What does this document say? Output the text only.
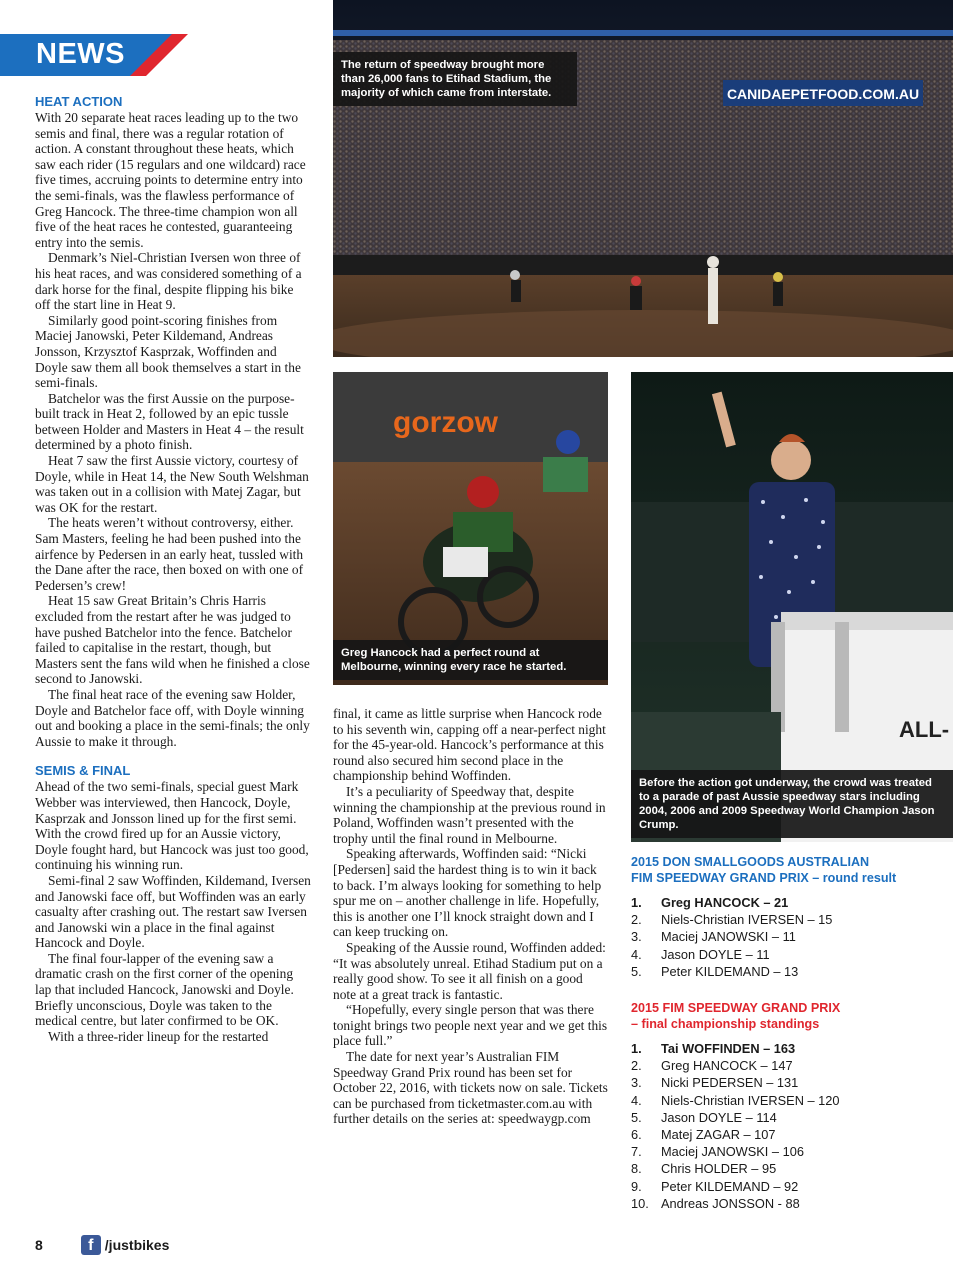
NEWS
HEAT ACTION

With 20 separate heat races leading up to the two semis and final, there was a regular rotation of action. A constant throughout these heats, which saw each rider (15 regulars and one wildcard) race five times, accruing points to determine entry into the semi-finals, was the flawless performance of Greg Hancock. The three-time champion won all five of the heat races he contested, guaranteeing entry into the semis.

Denmark’s Niel-Christian Iversen won three of his heat races, and was considered something of a dark horse for the final, despite flipping his bike off the start line in Heat 9.

Similarly good point-scoring finishes from Maciej Janowski, Peter Kildemand, Andreas Jonsson, Krzysztof Kasprzak, Woffinden and Doyle saw them all book themselves a start in the semi-finals.

Batchelor was the first Aussie on the purpose-built track in Heat 2, followed by an epic tussle between Holder and Masters in Heat 4 – the result determined by a photo finish.

Heat 7 saw the first Aussie victory, courtesy of Doyle, while in Heat 14, the New South Welshman was taken out in a collision with Matej Zagar, but was OK for the restart.

The heats weren’t without controversy, either. Sam Masters, feeling he had been pushed into the airfence by Pedersen in an early heat, tussled with the Dane after the race, then boxed on with one of Pedersen’s crew!

Heat 15 saw Great Britain’s Chris Harris excluded from the restart after he was judged to have pushed Batchelor into the fence. Batchelor failed to capitalise in the restart, though, but Masters sent the fans wild when he finished a close second to Janowski.

The final heat race of the evening saw Holder, Doyle and Batchelor face off, with Doyle winning out and booking a place in the semi-finals; the only Aussie to make it through.

SEMIS & FINAL

Ahead of the two semi-finals, special guest Mark Webber was interviewed, then Hancock, Doyle, Kasprzak and Jonsson lined up for the first semi. With the crowd fired up for an Aussie victory, Doyle fought hard, but Hancock was just too good, continuing his winning run.

Semi-final 2 saw Woffinden, Kildemand, Iversen and Janowski face off, but Woffinden was an early casualty after crashing out. The restart saw Iversen and Janowski win a place in the final against Hancock and Doyle.

The final four-lapper of the evening saw a dramatic crash on the first corner of the opening lap that included Hancock, Janowski and Doyle. Briefly unconscious, Doyle was taken to the medical centre, but later confirmed to be OK.

With a three-rider lineup for the restarted

final, it came as little surprise when Hancock rode to his seventh win, capping off a near-perfect night for the 45-year-old. Hancock’s performance at this round also secured him second place in the championship behind Woffinden.

It’s a peculiarity of Speedway that, despite winning the championship at the previous round in Poland, Woffinden wasn’t presented with the trophy until the final round in Melbourne.

Speaking afterwards, Woffinden said: “Nicki [Pedersen] said the hardest thing is to win it back to back. I’m always looking for something to help spur me on – another challenge in life. Hopefully, this is another one I’ll knock straight down and I can keep trucking on.

Speaking of the Aussie round, Woffinden added: “It was absolutely unreal. Etihad Stadium put on a really good show. To see it all finish on a good note at a great track is fantastic.

“Hopefully, every single person that was there tonight brings two people next year and we get this place full.”

The date for next year’s Australian FIM Speedway Grand Prix round has been set for October 22, 2016, with tickets now on sale. Tickets can be purchased from ticketmaster.com.au with further details on the series at: speedwaygp.com

CANIDAEPETFOOD.COM.AU
The return of speedway brought more than 26,000 fans to Etihad Stadium, the majority of which came from interstate.
gorzow
Greg Hancock had a perfect round at Melbourne, winning every race he started.
ALL-
Before the action got underway, the crowd was treated to a parade of past Aussie speedway stars including 2004, 2006 and 2009 Speedway World Champion Jason Crump.
2015 DON SMALLGOODS AUSTRALIAN
FIM SPEEDWAY GRAND PRIX – round result
1.	Greg HANCOCK – 21
2.	Niels-Christian IVERSEN – 15
3.	Maciej JANOWSKI – 11
4.	Jason DOYLE – 11
5.	Peter KILDEMAND – 13
2015 FIM SPEEDWAY GRAND PRIX
– final championship standings
1.	Tai WOFFINDEN – 163
2.	Greg HANCOCK – 147
3.	Nicki PEDERSEN – 131
4.	Niels-Christian IVERSEN – 120
5.	Jason DOYLE – 114
6.	Matej ZAGAR – 107
7.	Maciej JANOWSKI – 106
8.	Chris HOLDER – 95
9.	Peter KILDEMAND – 92
10. Andreas JONSSON - 88
8	f /justbikes
